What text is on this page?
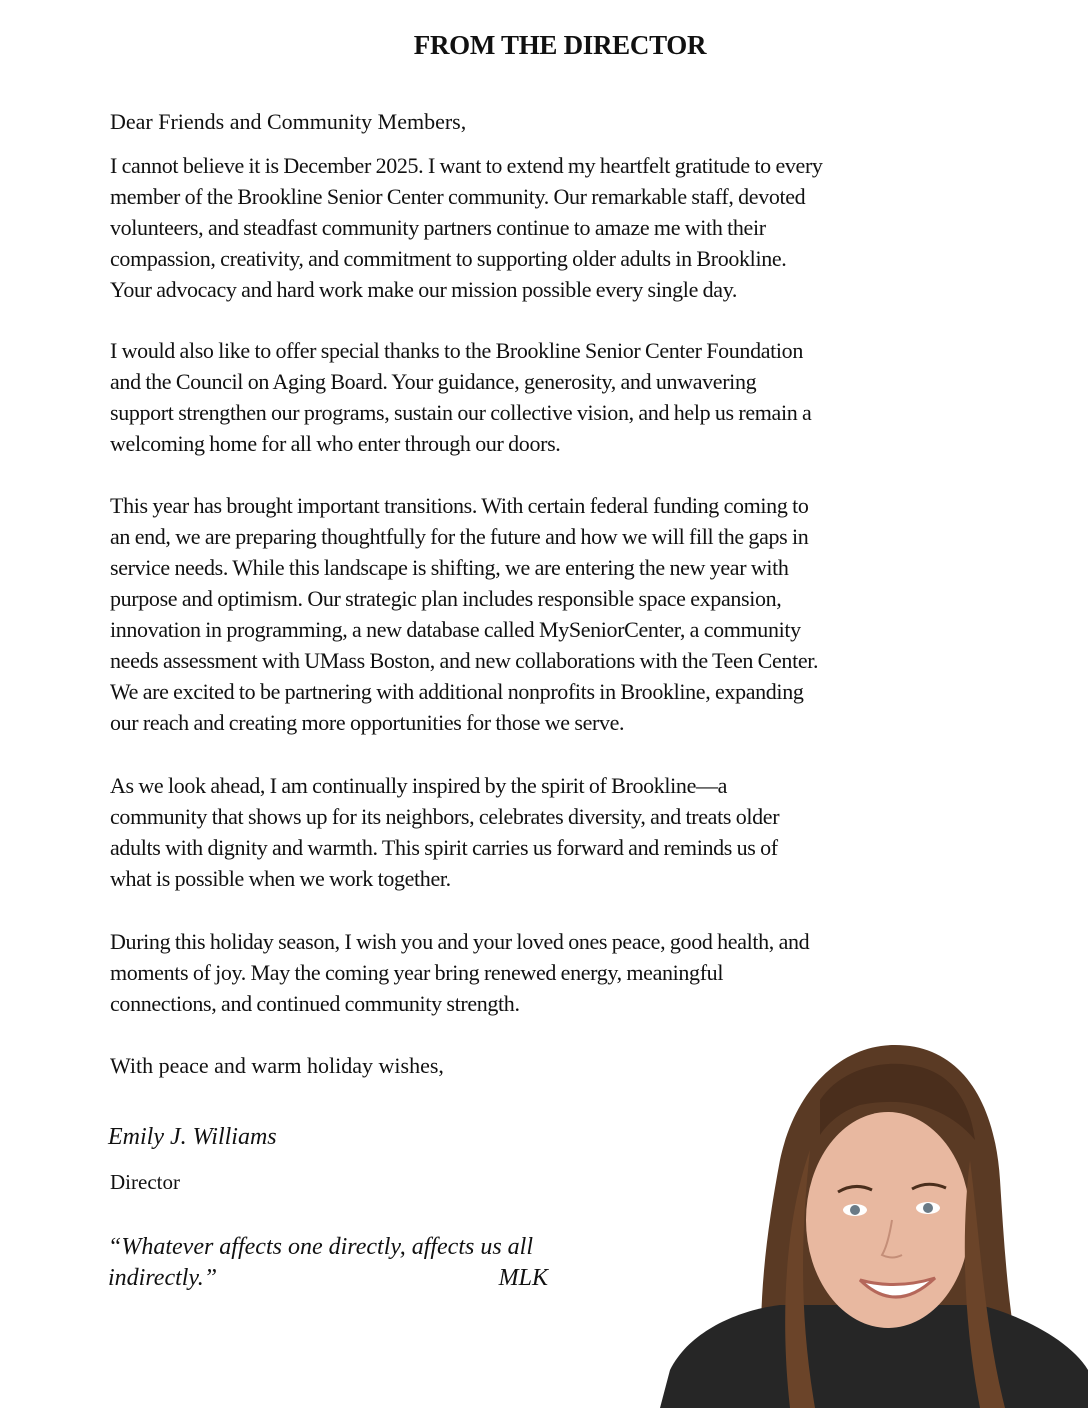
FROM THE DIRECTOR
Dear Friends and Community Members,
I cannot believe it is December 2025. I want to extend my heartfelt gratitude to every
member of the Brookline Senior Center community. Our remarkable staff, devoted
volunteers, and steadfast community partners continue to amaze me with their
compassion, creativity, and commitment to supporting older adults in Brookline.
Your advocacy and hard work make our mission possible every single day.
I would also like to offer special thanks to the Brookline Senior Center Foundation
and the Council on Aging Board. Your guidance, generosity, and unwavering
support strengthen our programs, sustain our collective vision, and help us remain a
welcoming home for all who enter through our doors.
This year has brought important transitions. With certain federal funding coming to
an end, we are preparing thoughtfully for the future and how we will fill the gaps in
service needs. While this landscape is shifting, we are entering the new year with
purpose and optimism. Our strategic plan includes responsible space expansion,
innovation in programming, a new database called MySeniorCenter, a community
needs assessment with UMass Boston, and new collaborations with the Teen Center.
We are excited to be partnering with additional nonprofits in Brookline, expanding
our reach and creating more opportunities for those we serve.
As we look ahead, I am continually inspired by the spirit of Brookline—a
community that shows up for its neighbors, celebrates diversity, and treats older
adults with dignity and warmth. This spirit carries us forward and reminds us of
what is possible when we work together.
During this holiday season, I wish you and your loved ones peace, good health, and
moments of joy. May the coming year bring renewed energy, meaningful
connections, and continued community strength.
With peace and warm holiday wishes,
Emily J. Williams
Director
“Whatever affects one directly, affects us all
indirectly.”	MLK
